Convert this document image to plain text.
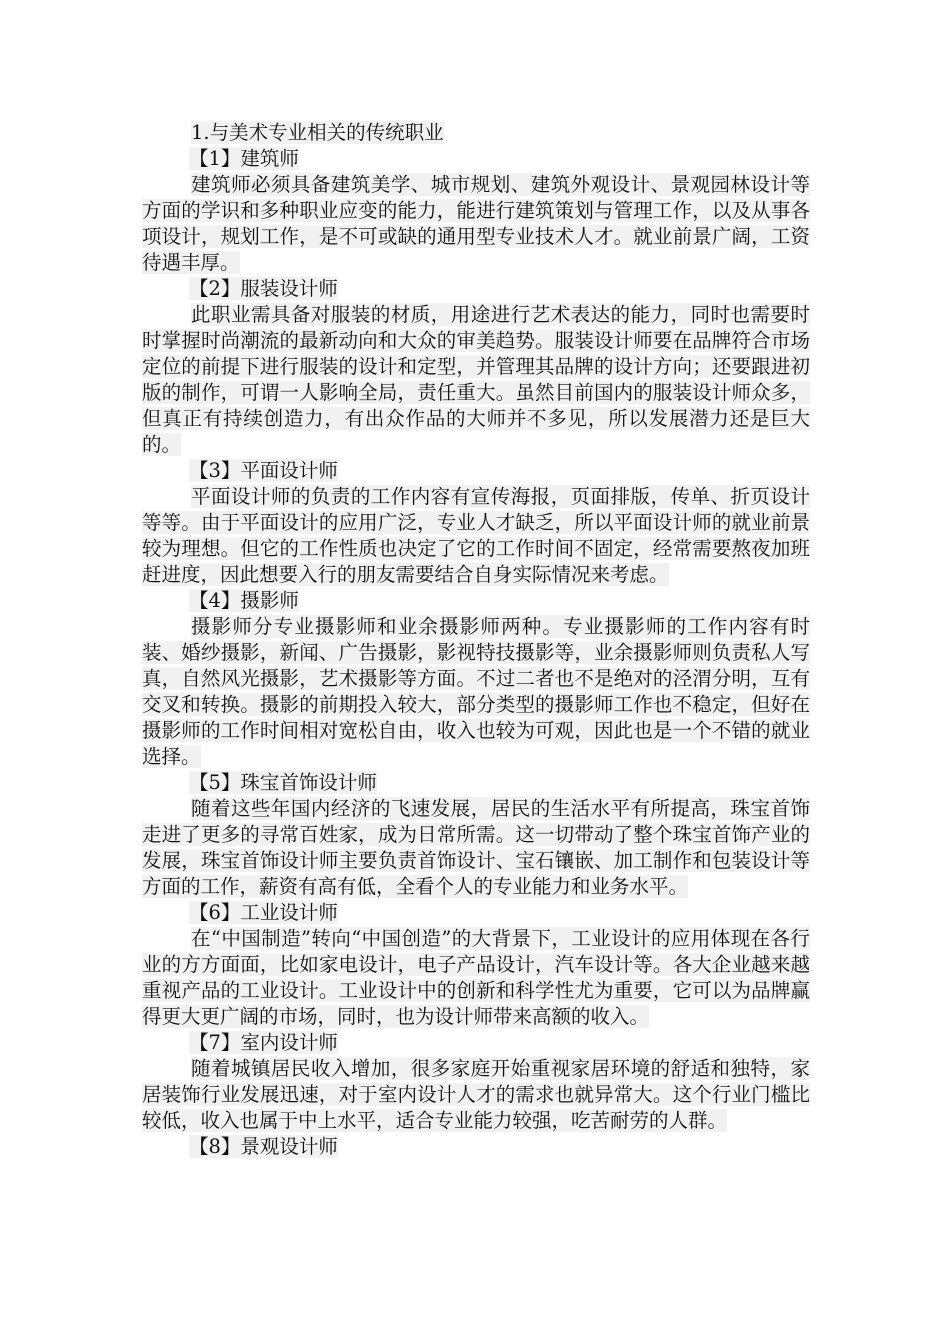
1.与美术专业相关的传统职业

【1】建筑师

建筑师必须具备建筑美学、城市规划、建筑外观设计、景观园林设计等方面的学识和多种职业应变的能力，能进行建筑策划与管理工作，以及从事各项设计，规划工作，是不可或缺的通用型专业技术人才。就业前景广阔，工资待遇丰厚。

【2】服装设计师

此职业需具备对服装的材质，用途进行艺术表达的能力，同时也需要时时掌握时尚潮流的最新动向和大众的审美趋势。服装设计师要在品牌符合市场定位的前提下进行服装的设计和定型，并管理其品牌的设计方向；还要跟进初版的制作，可谓一人影响全局，责任重大。虽然目前国内的服装设计师众多，但真正有持续创造力，有出众作品的大师并不多见，所以发展潜力还是巨大的。

【3】平面设计师

平面设计师的负责的工作内容有宣传海报，页面排版，传单、折页设计等等。由于平面设计的应用广泛，专业人才缺乏，所以平面设计师的就业前景较为理想。但它的工作性质也决定了它的工作时间不固定，经常需要熬夜加班赶进度，因此想要入行的朋友需要结合自身实际情况来考虑。

【4】摄影师

摄影师分专业摄影师和业余摄影师两种。专业摄影师的工作内容有时装、婚纱摄影，新闻、广告摄影，影视特技摄影等，业余摄影师则负责私人写真，自然风光摄影，艺术摄影等方面。不过二者也不是绝对的泾渭分明，互有交叉和转换。摄影的前期投入较大，部分类型的摄影师工作也不稳定，但好在摄影师的工作时间相对宽松自由，收入也较为可观，因此也是一个不错的就业选择。

【5】珠宝首饰设计师

随着这些年国内经济的飞速发展，居民的生活水平有所提高，珠宝首饰走进了更多的寻常百姓家，成为日常所需。这一切带动了整个珠宝首饰产业的发展，珠宝首饰设计师主要负责首饰设计、宝石镶嵌、加工制作和包装设计等方面的工作，薪资有高有低，全看个人的专业能力和业务水平。

【6】工业设计师

在“中国制造”转向“中国创造”的大背景下，工业设计的应用体现在各行业的方方面面，比如家电设计，电子产品设计，汽车设计等。各大企业越来越重视产品的工业设计。工业设计中的创新和科学性尤为重要，它可以为品牌赢得更大更广阔的市场，同时，也为设计师带来高额的收入。

【7】室内设计师

随着城镇居民收入增加，很多家庭开始重视家居环境的舒适和独特，家居装饰行业发展迅速，对于室内设计人才的需求也就异常大。这个行业门槛比较低，收入也属于中上水平，适合专业能力较强，吃苦耐劳的人群。

【8】景观设计师
